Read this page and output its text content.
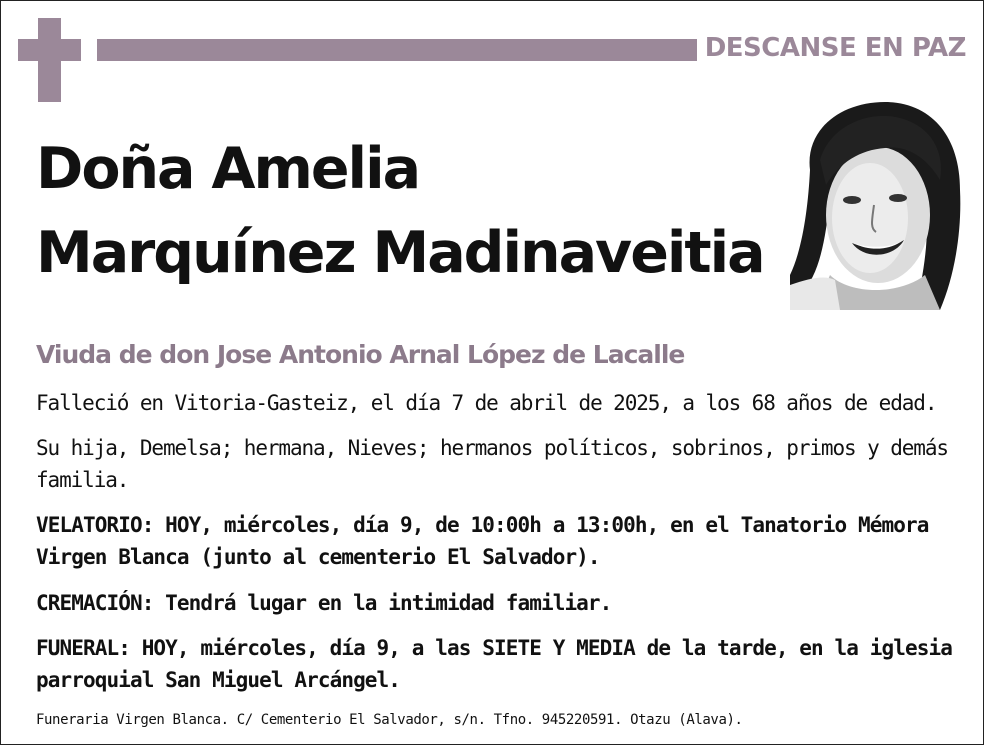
DESCANSE EN PAZ
Doña Amelia
Marquínez Madinaveitia
Viuda de don Jose Antonio Arnal López de Lacalle
Falleció en Vitoria-Gasteiz, el día 7 de abril de 2025, a los 68 años de edad.
Su hija, Demelsa; hermana, Nieves; hermanos políticos, sobrinos, primos y demás familia.
VELATORIO: HOY, miércoles, día 9, de 10:00h a 13:00h, en el Tanatorio Mémora Virgen Blanca (junto al cementerio El Salvador).
CREMACIÓN: Tendrá lugar en la intimidad familiar.
FUNERAL: HOY, miércoles, día 9, a las SIETE Y MEDIA de la tarde, en la iglesia parroquial San Miguel Arcángel.
Funeraria Virgen Blanca. C/ Cementerio El Salvador, s/n. Tfno. 945220591. Otazu (Alava).
